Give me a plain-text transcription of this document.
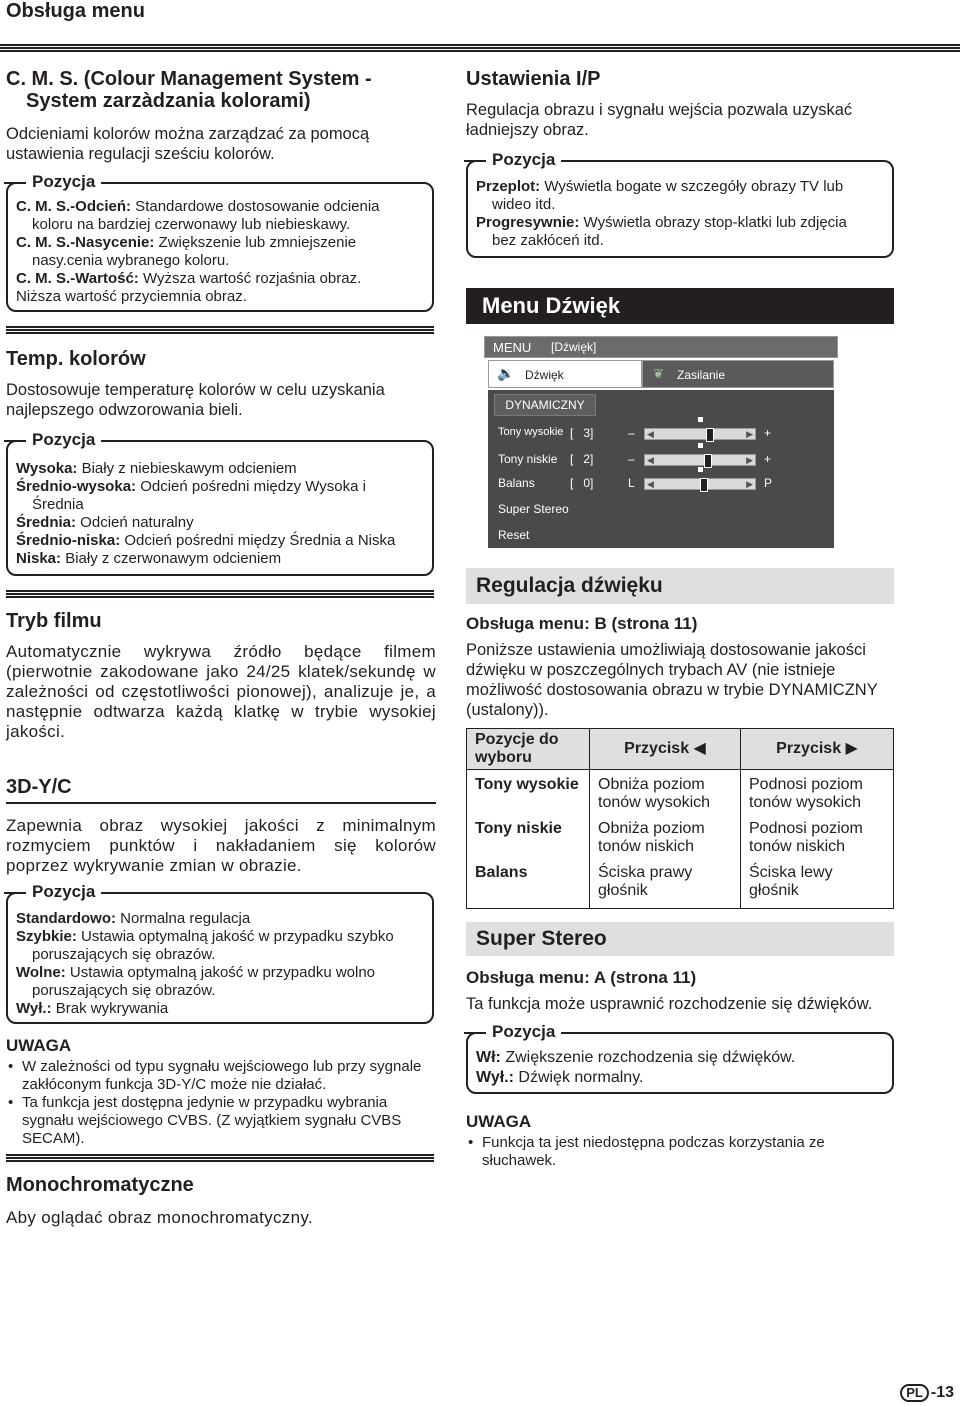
Obsługa menu

C. M. S. (Colour Management System -

System zarzàdzania kolorami)

Odcieniami kolorów można zarządzać za pomocą ustawienia regulacji sześciu kolorów.

Pozycja

C. M. S.-Odcień: Standardowe dostosowanie odcienia

koloru na bardziej czerwonawy lub niebieskawy.

C. M. S.-Nasycenie: Zwiększenie lub zmniejszenie

nasy.cenia wybranego koloru.

C. M. S.-Wartość: Wyższa wartość rozjaśnia obraz.

Niższa wartość przyciemnia obraz.

Temp. kolorów

Dostosowuje temperaturę kolorów w celu uzyskania najlepszego odwzorowania bieli.

Pozycja

Wysoka: Biały z niebieskawym odcieniem

Średnio-wysoka: Odcień pośredni między Wysoka i

Średnia

Średnia: Odcień naturalny

Średnio-niska: Odcień pośredni między Średnia a Niska

Niska: Biały z czerwonawym odcieniem

Tryb filmu

Automatycznie wykrywa źródło będące filmem (pierwotnie zakodowane jako 24/25 klatek/sekundę w zależności od częstotliwości pionowej), analizuje je, a następnie odtwarza każdą klatkę w trybie wysokiej jakości.

3D-Y/C

Zapewnia obraz wysokiej jakości z minimalnym rozmyciem punktów i nakładaniem się kolorów poprzez wykrywanie zmian w obrazie.

Pozycja

Standardowo: Normalna regulacja

Szybkie: Ustawia optymalną jakość w przypadku szybko

poruszających się obrazów.

Wolne: Ustawia optymalną jakość w przypadku wolno

poruszających się obrazów.

Wył.: Brak wykrywania

UWAGA

• W zależności od typu sygnału wejściowego lub przy sygnale zakłóconym funkcja 3D-Y/C może nie działać.
• Ta funkcja jest dostępna jedynie w przypadku wybrania sygnału wejściowego CVBS. (Z wyjątkiem sygnału CVBS SECAM).

Monochromatyczne

Aby oglądać obraz monochromatyczny.

Ustawienia I/P

Regulacja obrazu i sygnału wejścia pozwala uzyskać ładniejszy obraz.

Pozycja

Przeplot: Wyświetla bogate w szczegóły obrazy TV lub

wideo itd.

Progresywnie: Wyświetla obrazy stop-klatki lub zdjęcia

bez zakłóceń itd.

Menu Dźwięk
MENU [Dźwięk]
🔉 Dźwięk	❦ Zasilanie
DYNAMICZNY
Tony wysokie [   3]	– ◀	▶ +
Tony niskie [   2]	– ◀	▶ +
Balans	[   0]	L ◀	▶ P
Super Stereo
Reset
Regulacja dźwięku

Obsługa menu: B (strona 11)

Poniższe ustawienia umożliwiają dostosowanie jakości dźwięku w poszczególnych trybach AV (nie istnieje możliwość dostosowania obrazu w trybie DYNAMICZNY (ustalony)).

Pozycje do wyboru	Przycisk ◀	Przycisk ▶
Tony wysokie	Obniża poziom tonów wysokich	Podnosi poziom tonów wysokich
Tony niskie	Obniża poziom tonów niskich	Podnosi poziom tonów niskich
Balans	Ściska prawy głośnik	Ściska lewy głośnik
Super Stereo

Obsługa menu: A (strona 11)

Ta funkcja może usprawnić rozchodzenie się dźwięków.

Pozycja

Wł: Zwiększenie rozchodzenia się dźwięków.

Wył.: Dźwięk normalny.

UWAGA

• Funkcja ta jest niedostępna podczas korzystania ze słuchawek.
PL -13
